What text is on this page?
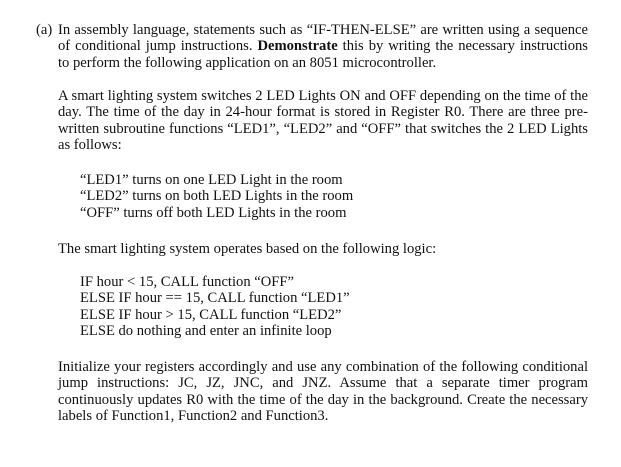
(a) In assembly language, statements such as “IF-THEN-ELSE” are written using a sequence of conditional jump instructions. Demonstrate this by writing the necessary instructions to perform the following application on an 8051 microcontroller.

A smart lighting system switches 2 LED Lights ON and OFF depending on the time of the day. The time of the day in 24-hour format is stored in Register R0. There are three pre-written subroutine functions “LED1”, “LED2” and “OFF” that switches the 2 LED Lights as follows:

“LED1” turns on one LED Light in the room
“LED2” turns on both LED Lights in the room
“OFF” turns off both LED Lights in the room

The smart lighting system operates based on the following logic:

IF hour < 15, CALL function “OFF”
ELSE IF hour == 15, CALL function “LED1”
ELSE IF hour > 15, CALL function “LED2”
ELSE do nothing and enter an infinite loop

Initialize your registers accordingly and use any combination of the following conditional jump instructions: JC, JZ, JNC, and JNZ. Assume that a separate timer program continuously updates R0 with the time of the day in the background. Create the necessary labels of Function1, Function2 and Function3.
